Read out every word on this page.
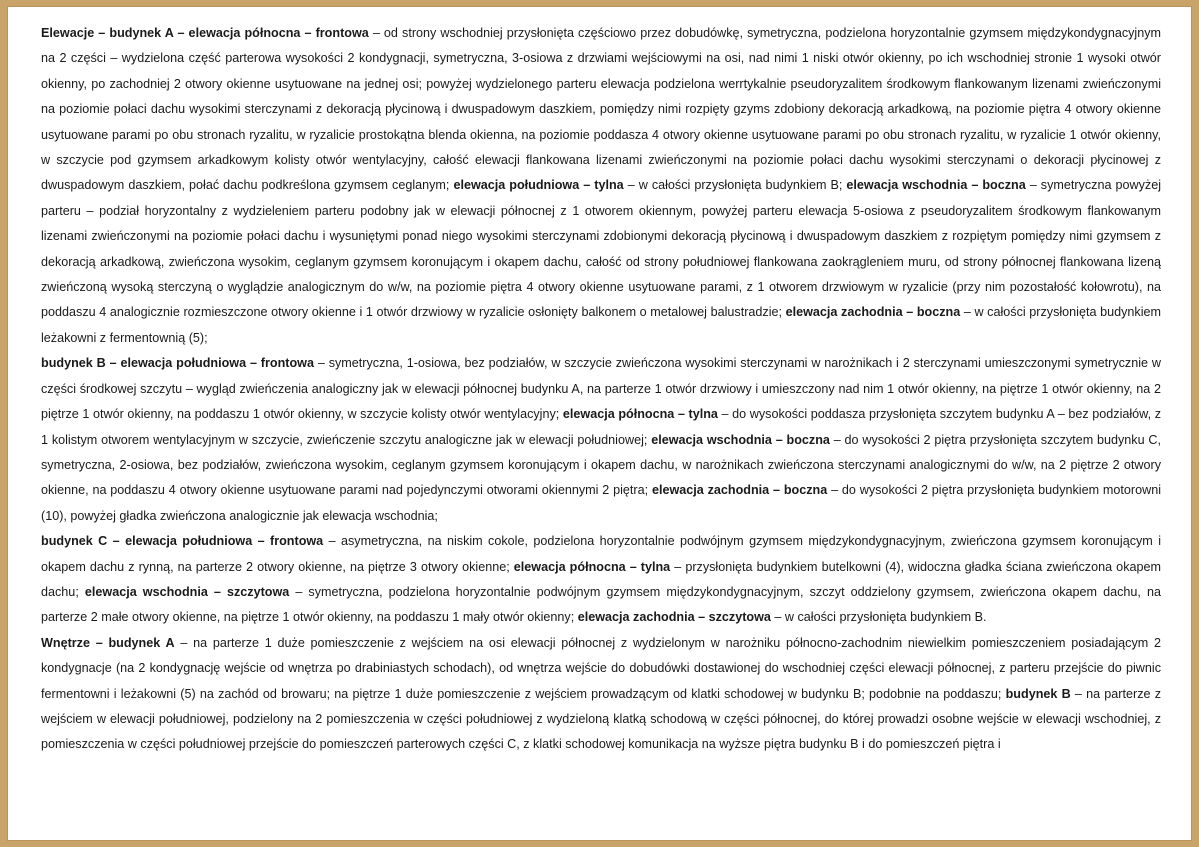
Elewacje – budynek A – elewacja północna – frontowa – od strony wschodniej przysłonięta częściowo przez dobudówkę, symetryczna, podzielona horyzontalnie gzymsem międzykondygnacyjnym na 2 części – wydzielona część parterowa wysokości 2 kondygnacji, symetryczna, 3-osiowa z drzwiami wejściowymi na osi, nad nimi 1 niski otwór okienny, po ich wschodniej stronie 1 wysoki otwór okienny, po zachodniej 2 otwory okienne usytuowane na jednej osi; powyżej wydzielonego parteru elewacja podzielona werrtykalnie pseudoryzalitem środkowym flankowanym lizenami zwieńczonymi na poziomie połaci dachu wysokimi sterczynami z dekoracją płycinową i dwuspadowym daszkiem, pomiędzy nimi rozpięty gzyms zdobiony dekoracją arkadkową, na poziomie piętra 4 otwory okienne usytuowane parami po obu stronach ryzalitu, w ryzalicie prostokątna blenda okienna, na poziomie poddasza 4 otwory okienne usytuowane parami po obu stronach ryzalitu, w ryzalicie 1 otwór okienny, w szczycie pod gzymsem arkadkowym kolisty otwór wentylacyjny, całość elewacji flankowana lizenami zwieńczonymi na poziomie połaci dachu wysokimi sterczynami o dekoracji płycinowej z dwuspadowym daszkiem, połać dachu podkreślona gzymsem ceglanym; elewacja południowa – tylna – w całości przysłonięta budynkiem B; elewacja wschodnia – boczna – symetryczna powyżej parteru – podział horyzontalny z wydzieleniem parteru podobny jak w elewacji północnej z 1 otworem okiennym, powyżej parteru elewacja 5-osiowa z pseudoryzalitem środkowym flankowanym lizenami zwieńczonymi na poziomie połaci dachu i wysuniętymi ponad niego wysokimi sterczynami zdobionymi dekoracją płycinową i dwuspadowym daszkiem z rozpiętym pomiędzy nimi gzymsem z dekoracją arkadkową, zwieńczona wysokim, ceglanym gzymsem koronującym i okapem dachu, całość od strony południowej flankowana zaokrągleniem muru, od strony północnej flankowana lizeną zwieńczoną wysoką sterczyną o wyglądzie analogicznym do w/w, na poziomie piętra 4 otwory okienne usytuowane parami, z 1 otworem drzwiowym w ryzalicie (przy nim pozostałość kołowrotu), na poddaszu 4 analogicznie rozmieszczone otwory okienne i 1 otwór drzwiowy w ryzalicie osłonięty balkonem o metalowej balustradzie; elewacja zachodnia – boczna – w całości przysłonięta budynkiem leżakowni z fermentownią (5);

budynek B – elewacja południowa – frontowa – symetryczna, 1-osiowa, bez podziałów, w szczycie zwieńczona wysokimi sterczynami w narożnikach i 2 sterczynami umieszczonymi symetrycznie w części środkowej szczytu – wygląd zwieńczenia analogiczny jak w elewacji północnej budynku A, na parterze 1 otwór drzwiowy i umieszczony nad nim 1 otwór okienny, na piętrze 1 otwór okienny, na 2 piętrze 1 otwór okienny, na poddaszu 1 otwór okienny, w szczycie kolisty otwór wentylacyjny; elewacja północna – tylna – do wysokości poddasza przysłonięta szczytem budynku A – bez podziałów, z 1 kolistym otworem wentylacyjnym w szczycie, zwieńczenie szczytu analogiczne jak w elewacji południowej; elewacja wschodnia – boczna – do wysokości 2 piętra przysłonięta szczytem budynku C, symetryczna, 2-osiowa, bez podziałów, zwieńczona wysokim, ceglanym gzymsem koronującym i okapem dachu, w narożnikach zwieńczona sterczynami analogicznymi do w/w, na 2 piętrze 2 otwory okienne, na poddaszu 4 otwory okienne usytuowane parami nad pojedynczymi otworami okiennymi 2 piętra; elewacja zachodnia – boczna – do wysokości 2 piętra przysłonięta budynkiem motorowni (10), powyżej gładka zwieńczona analogicznie jak elewacja wschodnia;

budynek C – elewacja południowa – frontowa – asymetryczna, na niskim cokole, podzielona horyzontalnie podwójnym gzymsem międzykondygnacyjnym, zwieńczona gzymsem koronującym i okapem dachu z rynną, na parterze 2 otwory okienne, na piętrze 3 otwory okienne; elewacja północna – tylna – przysłonięta budynkiem butelkowni (4), widoczna gładka ściana zwieńczona okapem dachu; elewacja wschodnia – szczytowa – symetryczna, podzielona horyzontalnie podwójnym gzymsem międzykondygnacyjnym, szczyt oddzielony gzymsem, zwieńczona okapem dachu, na parterze 2 małe otwory okienne, na piętrze 1 otwór okienny, na poddaszu 1 mały otwór okienny; elewacja zachodnia – szczytowa – w całości przysłonięta budynkiem B.

Wnętrze – budynek A – na parterze 1 duże pomieszczenie z wejściem na osi elewacji północnej z wydzielonym w narożniku północno-zachodnim niewielkim pomieszczeniem posiadającym 2 kondygnacje (na 2 kondygnację wejście od wnętrza po drabiniastych schodach), od wnętrza wejście do dobudówki dostawionej do wschodniej części elewacji północnej, z parteru przejście do piwnic fermentowni i leżakowni (5) na zachód od browaru; na piętrze 1 duże pomieszczenie z wejściem prowadzącym od klatki schodowej w budynku B; podobnie na poddaszu; budynek B – na parterze z wejściem w elewacji południowej, podzielony na 2 pomieszczenia w części południowej z wydzieloną klatką schodową w części północnej, do której prowadzi osobne wejście w elewacji wschodniej, z pomieszczenia w części południowej przejście do pomieszczeń parterowych części C, z klatki schodowej komunikacja na wyższe piętra budynku B i do pomieszczeń piętra i
